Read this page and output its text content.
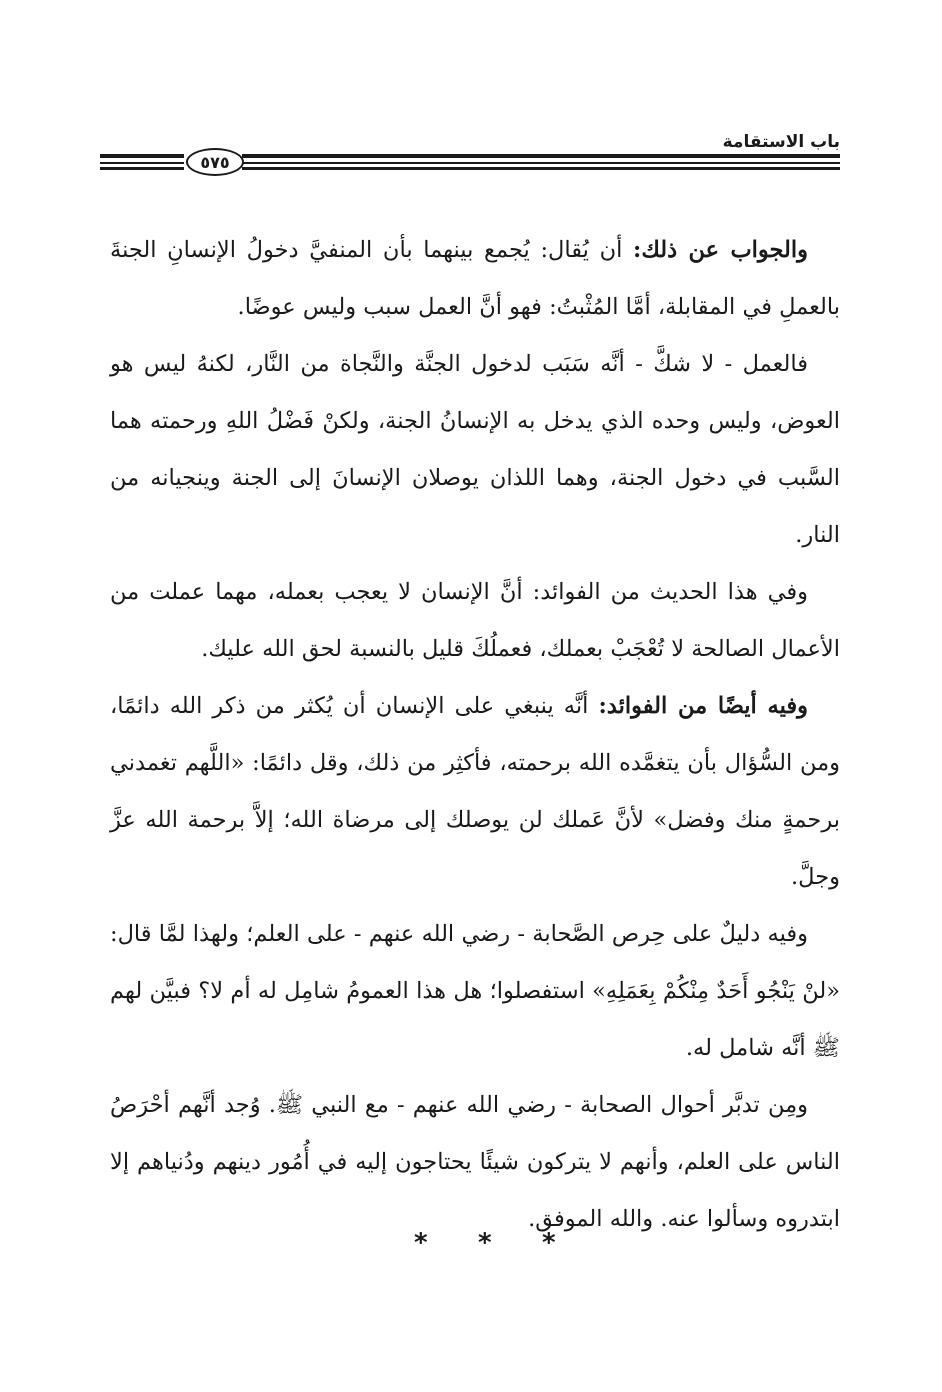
باب الاستقامة
٥٧٥

والجواب عن ذلك: أن يُقال: يُجمع بينهما بأن المنفيَّ دخولُ الإنسانِ الجنةَ بالعملِ في المقابلة، أمَّا المُثْبتُ: فهو أنَّ العمل سبب وليس عوضًا.

فالعمل - لا شكَّ - أنَّه سَبَب لدخول الجنَّة والنَّجاة من النَّار، لكنهُ ليس هو العوض، وليس وحده الذي يدخل به الإنسانُ الجنة، ولكنْ فَضْلُ اللهِ ورحمته هما السَّبب في دخول الجنة، وهما اللذان يوصلان الإنسانَ إلى الجنة وينجيانه من النار.

وفي هذا الحديث من الفوائد: أنَّ الإنسان لا يعجب بعمله، مهما عملت من الأعمال الصالحة لا تُعْجَبْ بعملك، فعملُكَ قليل بالنسبة لحق الله عليك.

وفيه أيضًا من الفوائد: أنَّه ينبغي على الإنسان أن يُكثر من ذكر الله دائمًا، ومن السُّؤال بأن يتغمَّده الله برحمته، فأكثِر من ذلك، وقل دائمًا: «اللَّهم تغمدني برحمةٍ منك وفضل» لأنَّ عَملك لن يوصلك إلى مرضاة الله؛ إلاَّ برحمة الله عزَّ وجلَّ.

وفيه دليلٌ على حِرص الصَّحابة - رضي الله عنهم - على العلم؛ ولهذا لمَّا قال: «لنْ يَنْجُو أَحَدٌ مِنْكُمْ بِعَمَلِهِ» استفصلوا؛ هل هذا العمومُ شامِل له أم لا؟ فبيَّن لهم ﷺ أنَّه شامل له.

ومِن تدبَّر أحوال الصحابة - رضي الله عنهم - مع النبي ﷺ. وُجد أنَّهم أحْرَصُ الناس على العلم، وأنهم لا يتركون شيئًا يحتاجون إليه في أُمُور دينهم ودُنياهم إلا ابتدروه وسألوا عنه. والله الموفق.

* * *
